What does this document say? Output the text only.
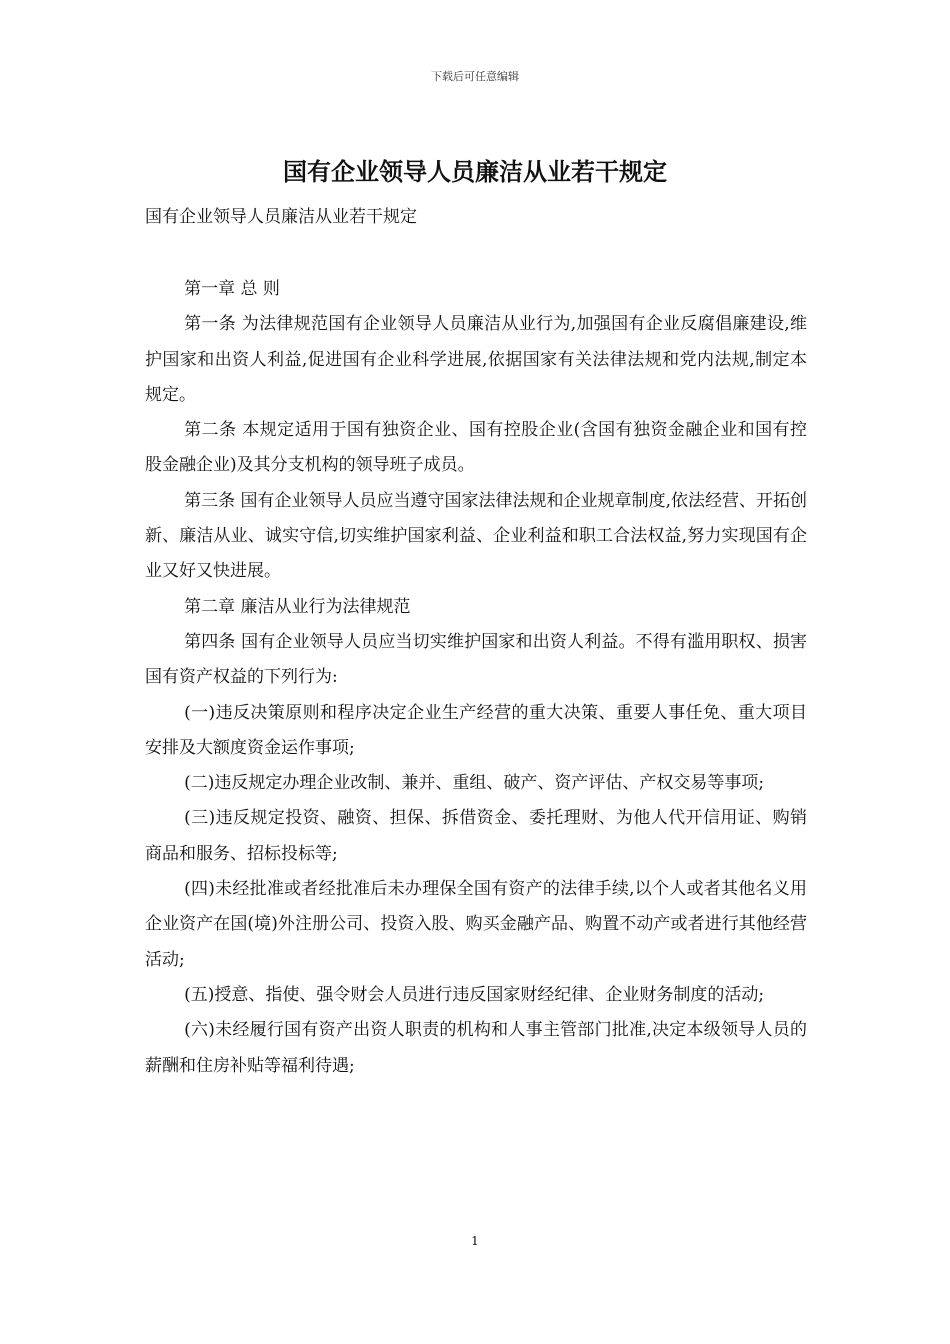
下载后可任意编辑
国有企业领导人员廉洁从业若干规定
国有企业领导人员廉洁从业若干规定

第一章 总 则

第一条 为法律规范国有企业领导人员廉洁从业行为,加强国有企业反腐倡廉建设,维护国家和出资人利益,促进国有企业科学进展,依据国家有关法律法规和党内法规,制定本规定。

第二条 本规定适用于国有独资企业、国有控股企业(含国有独资金融企业和国有控股金融企业)及其分支机构的领导班子成员。

第三条 国有企业领导人员应当遵守国家法律法规和企业规章制度,依法经营、开拓创新、廉洁从业、诚实守信,切实维护国家利益、企业利益和职工合法权益,努力实现国有企业又好又快进展。

第二章 廉洁从业行为法律规范

第四条 国有企业领导人员应当切实维护国家和出资人利益。不得有滥用职权、损害国有资产权益的下列行为:

(一)违反决策原则和程序决定企业生产经营的重大决策、重要人事任免、重大项目安排及大额度资金运作事项;

(二)违反规定办理企业改制、兼并、重组、破产、资产评估、产权交易等事项;

(三)违反规定投资、融资、担保、拆借资金、委托理财、为他人代开信用证、购销商品和服务、招标投标等;

(四)未经批准或者经批准后未办理保全国有资产的法律手续,以个人或者其他名义用企业资产在国(境)外注册公司、投资入股、购买金融产品、购置不动产或者进行其他经营活动;

(五)授意、指使、强令财会人员进行违反国家财经纪律、企业财务制度的活动;

(六)未经履行国有资产出资人职责的机构和人事主管部门批准,决定本级领导人员的薪酬和住房补贴等福利待遇;

1
